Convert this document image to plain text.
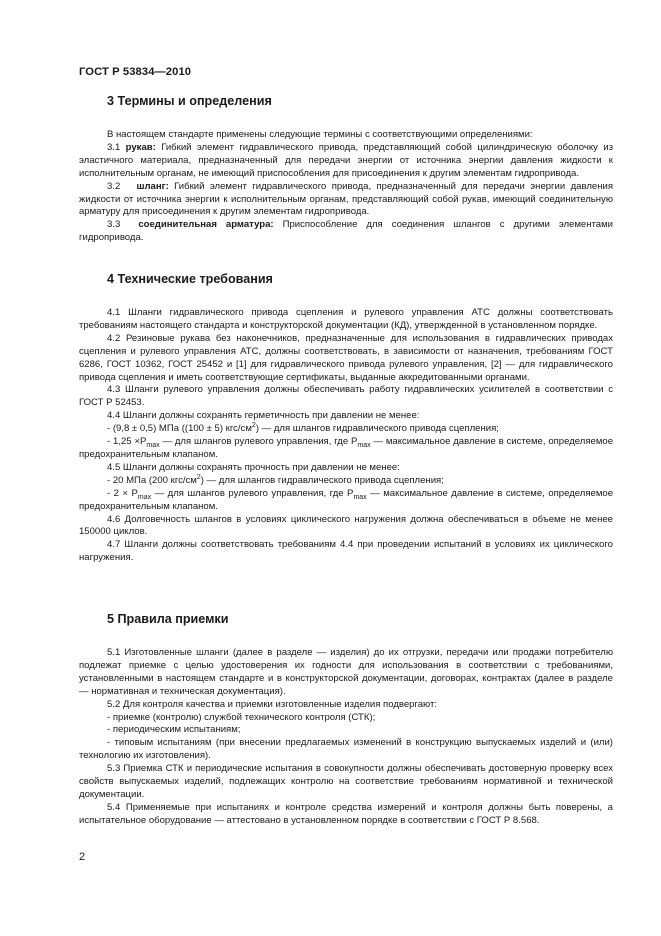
ГОСТ Р 53834—2010
3 Термины и определения

В настоящем стандарте применены следующие термины с соответствующими определениями:

3.1 рукав: Гибкий элемент гидравлического привода, представляющий собой цилиндрическую оболочку из эластичного материала, предназначенный для передачи энергии от источника энергии давления жидкости к исполнительным органам, не имеющий приспособления для присоединения к другим элементам гидропривода.

3.2 шланг: Гибкий элемент гидравлического привода, предназначенный для передачи энергии давления жидкости от источника энергии к исполнительным органам, представляющий собой рукав, имеющий соединительную арматуру для присоединения к другим элементам гидропривода.

3.3 соединительная арматура: Приспособление для соединения шлангов с другими элементами гидропривода.

4 Технические требования

4.1 Шланги гидравлического привода сцепления и рулевого управления АТС должны соответствовать требованиям настоящего стандарта и конструкторской документации (КД), утвержденной в установленном порядке.

4.2 Резиновые рукава без наконечников, предназначенные для использования в гидравлических приводах сцепления и рулевого управления АТС, должны соответствовать, в зависимости от назначения, требованиям ГОСТ 6286, ГОСТ 10362, ГОСТ 25452 и [1] для гидравлического привода рулевого управления, [2] — для гидравлического привода сцепления и иметь соответствующие сертификаты, выданные аккредитованными органами.

4.3 Шланги рулевого управления должны обеспечивать работу гидравлических усилителей в соответствии с ГОСТ Р 52453.

4.4 Шланги должны сохранять герметичность при давлении не менее:

- (9,8 ± 0,5) МПа ((100 ± 5) кгс/$см^2$) — для шлангов гидравлического привода сцепления;

- $1,25 \times P_{max}$ — для шлангов рулевого управления, где $P_{max}$ — максимальное давление в системе, определяемое предохранительным клапаном.

4.5 Шланги должны сохранять прочность при давлении не менее:

- 20 МПа (200 кгс/$см^2$) — для шлангов гидравлического привода сцепления;

- $2 \times P_{max}$ — для шлангов рулевого управления, где $P_{max}$ — максимальное давление в системе, определяемое предохранительным клапаном.

4.6 Долговечность шлангов в условиях циклического нагружения должна обеспечиваться в объеме не менее 150000 циклов.

4.7 Шланги должны соответствовать требованиям 4.4 при проведении испытаний в условиях их циклического нагружения.

5 Правила приемки

5.1 Изготовленные шланги (далее в разделе — изделия) до их отгрузки, передачи или продажи потребителю подлежат приемке с целью удостоверения их годности для использования в соответствии с требованиями, установленными в настоящем стандарте и в конструкторской документации, договорах, контрактах (далее в разделе — нормативная и техническая документация).

5.2 Для контроля качества и приемки изготовленные изделия подвергают:

- приемке (контролю) службой технического контроля (СТК);

- периодическим испытаниям;

- типовым испытаниям (при внесении предлагаемых изменений в конструкцию выпускаемых изделий и (или) технологию их изготовления).

5.3 Приемка СТК и периодические испытания в совокупности должны обеспечивать достоверную проверку всех свойств выпускаемых изделий, подлежащих контролю на соответствие требованиям нормативной и технической документации.

5.4 Применяемые при испытаниях и контроле средства измерений и контроля должны быть поверены, а испытательное оборудование — аттестовано в установленном порядке в соответствии с ГОСТ Р 8.568.

2
